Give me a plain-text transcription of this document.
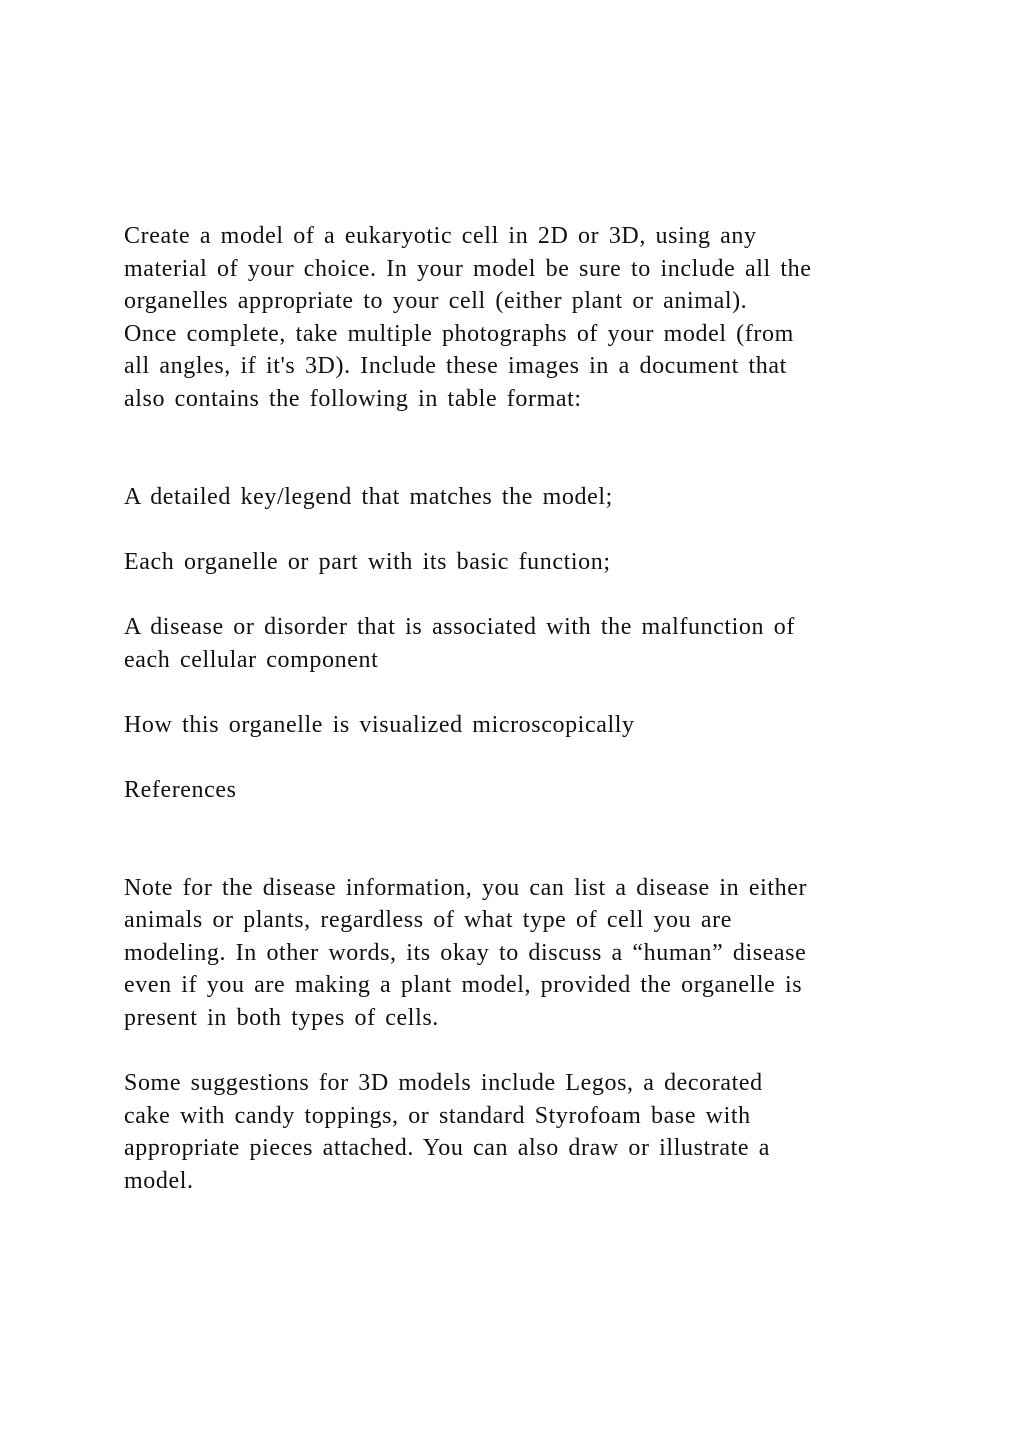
Create a model of a eukaryotic cell in 2D or 3D, using any
material of your choice. In your model be sure to include all the
organelles appropriate to your cell (either plant or animal).
Once complete, take multiple photographs of your model (from
all angles, if it's 3D). Include these images in a document that
also contains the following in table format:
A detailed key/legend that matches the model;
Each organelle or part with its basic function;
A disease or disorder that is associated with the malfunction of
each cellular component
How this organelle is visualized microscopically
References
Note for the disease information, you can list a disease in either
animals or plants, regardless of what type of cell you are
modeling. In other words, its okay to discuss a “human” disease
even if you are making a plant model, provided the organelle is
present in both types of cells.
Some suggestions for 3D models include Legos, a decorated
cake with candy toppings, or standard Styrofoam base with
appropriate pieces attached. You can also draw or illustrate a
model.
